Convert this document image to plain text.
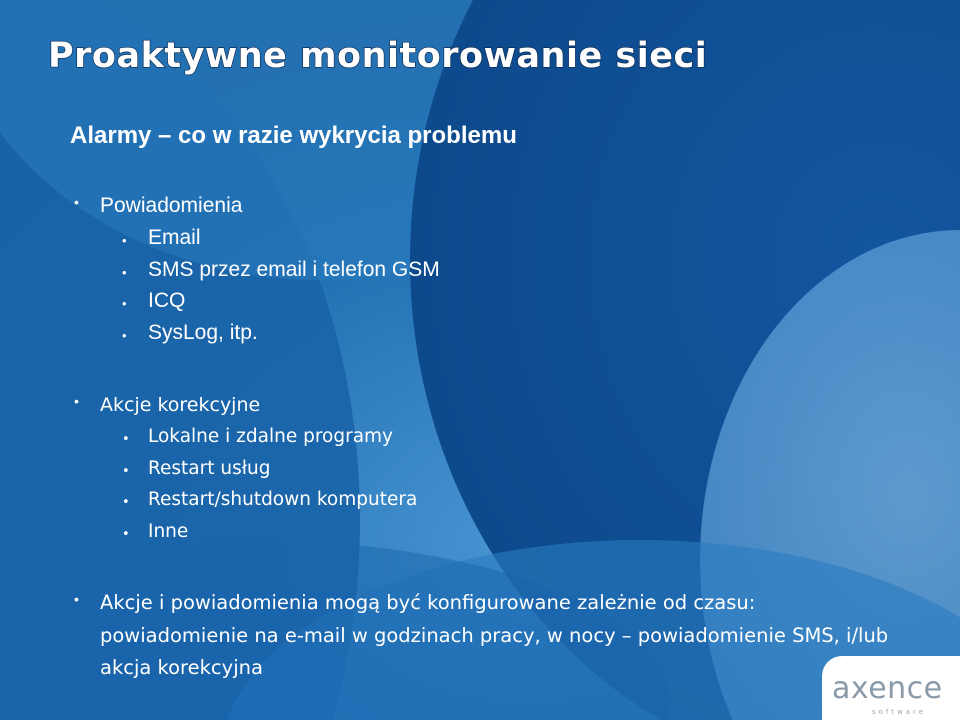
Proaktywne monitorowanie sieci
Alarmy – co w razie wykrycia problemu
• Powiadomienia
• Email
• SMS przez email i telefon GSM
• ICQ
• SysLog, itp.
• Akcje korekcyjne
• Lokalne i zdalne programy
• Restart usług
• Restart/shutdown komputera
• Inne
• Akcje i powiadomienia mogą być konfigurowane zależnie od czasu: powiadomienie na e-mail w godzinach pracy, w nocy – powiadomienie SMS, i/lub akcja korekcyjna
axence
software
